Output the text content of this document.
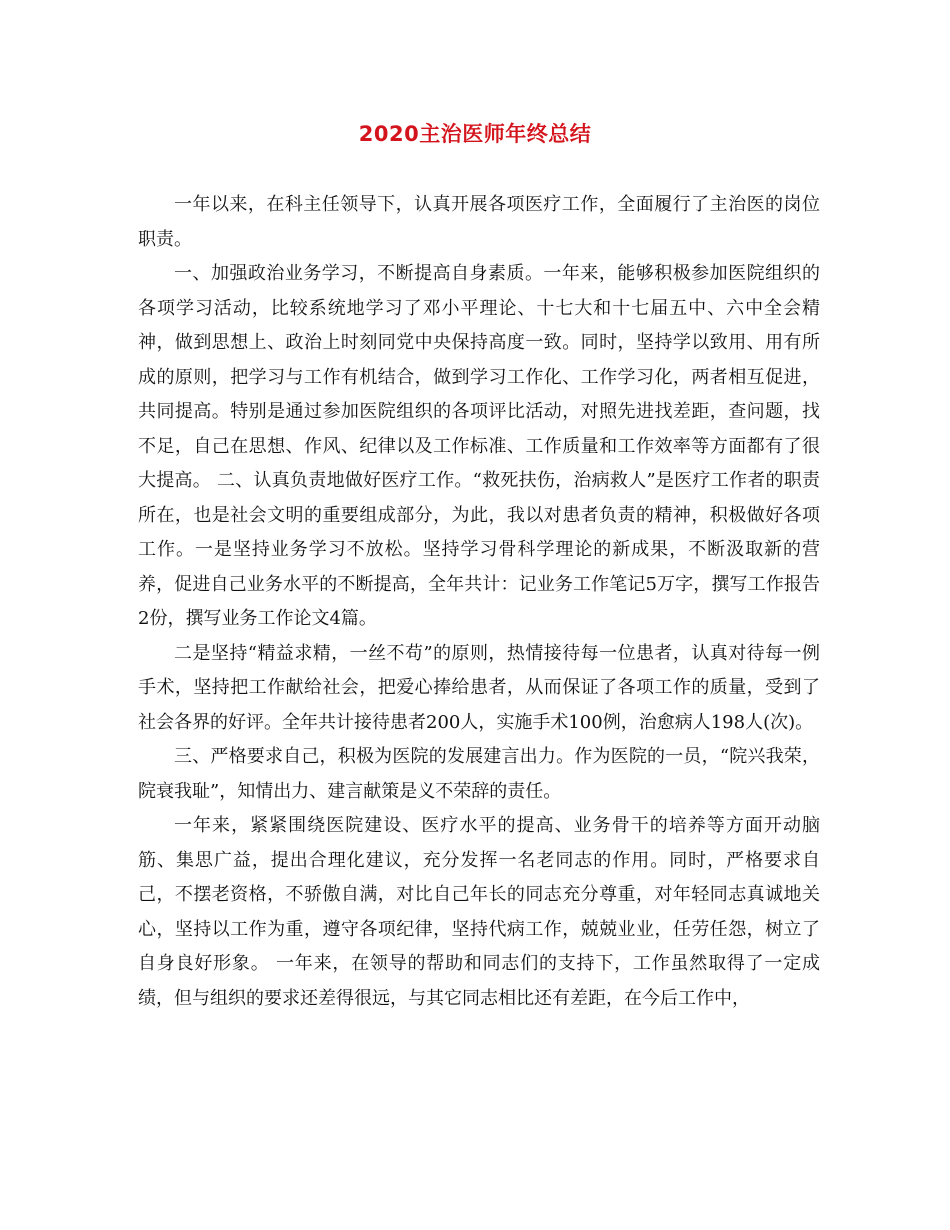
2020主治医师年终总结

一年以来，在科主任领导下，认真开展各项医疗工作，全面履行了主治医的岗位职责。

一、加强政治业务学习，不断提高自身素质。一年来，能够积极参加医院组织的各项学习活动，比较系统地学习了邓小平理论、十七大和十七届五中、六中全会精神，做到思想上、政治上时刻同党中央保持高度一致。同时，坚持学以致用、用有所成的原则，把学习与工作有机结合，做到学习工作化、工作学习化，两者相互促进，共同提高。特别是通过参加医院组织的各项评比活动，对照先进找差距，查问题，找不足，自己在思想、作风、纪律以及工作标准、工作质量和工作效率等方面都有了很大提高。 二、认真负责地做好医疗工作。“救死扶伤，治病救人”是医疗工作者的职责所在，也是社会文明的重要组成部分，为此，我以对患者负责的精神，积极做好各项工作。一是坚持业务学习不放松。坚持学习骨科学理论的新成果，不断汲取新的营养，促进自己业务水平的不断提高，全年共计：记业务工作笔记5万字，撰写工作报告2份，撰写业务工作论文4篇。

二是坚持“精益求精，一丝不苟”的原则，热情接待每一位患者，认真对待每一例手术，坚持把工作献给社会，把爱心捧给患者，从而保证了各项工作的质量，受到了社会各界的好评。全年共计接待患者200人，实施手术100例，治愈病人198人(次)。

三、严格要求自己，积极为医院的发展建言出力。作为医院的一员，“院兴我荣，院衰我耻”，知情出力、建言献策是义不荣辞的责任。

一年来，紧紧围绕医院建设、医疗水平的提高、业务骨干的培养等方面开动脑筋、集思广益，提出合理化建议，充分发挥一名老同志的作用。同时，严格要求自己，不摆老资格，不骄傲自满，对比自己年长的同志充分尊重，对年轻同志真诚地关心，坚持以工作为重，遵守各项纪律，坚持代病工作，兢兢业业，任劳任怨，树立了自身良好形象。 一年来，在领导的帮助和同志们的支持下，工作虽然取得了一定成绩，但与组织的要求还差得很远，与其它同志相比还有差距，在今后工作中，
